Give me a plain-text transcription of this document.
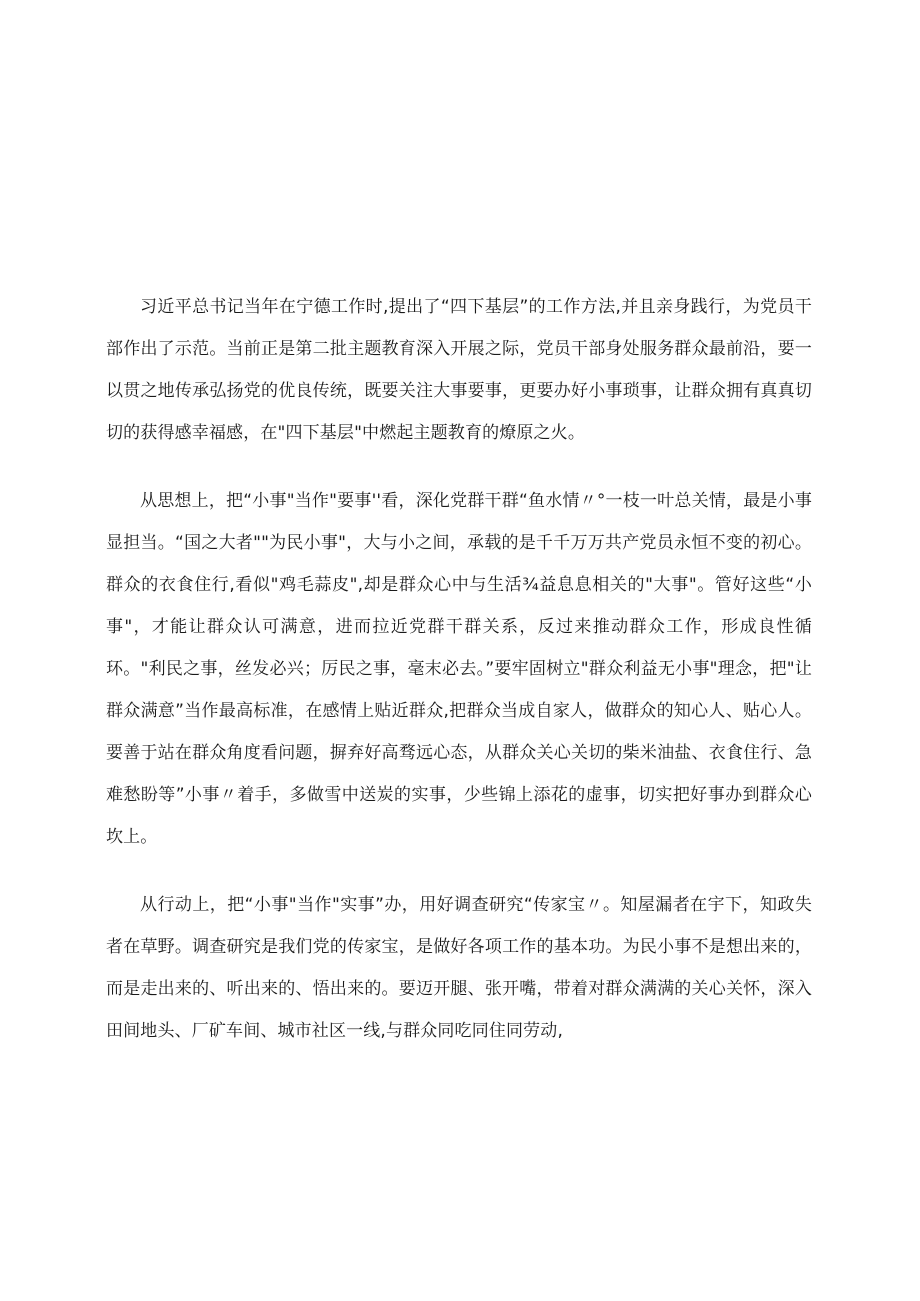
习近平总书记当年在宁德工作时,提出了“四下基层”的工作方法,并且亲身践行，为党员干部作出了示范。当前正是第二批主题教育深入开展之际，党员干部身处服务群众最前沿，要一以贯之地传承弘扬党的优良传统，既要关注大事要事，更要办好小事琐事，让群众拥有真真切切的获得感幸福感，在"四下基层"中燃起主题教育的燎原之火。

从思想上，把“小事"当作"要事''看，深化党群干群“鱼水情〃°一枝一叶总关情，最是小事显担当。“国之大者""为民小事"，大与小之间，承载的是千千万万共产党员永恒不变的初心。群众的衣食住行,看似"鸡毛蒜皮",却是群众心中与生活¾益息息相关的"大事"。管好这些“小事"，才能让群众认可满意，进而拉近党群干群关系，反过来推动群众工作，形成良性循环。"利民之事，丝发必兴；厉民之事，毫末必去。”要牢固树立"群众利益无小事"理念，把"让群众满意”当作最高标准，在感情上贴近群众,把群众当成自家人，做群众的知心人、贴心人。要善于站在群众角度看问题，摒弃好高骛远心态，从群众关心关切的柴米油盐、衣食住行、急难愁盼等”小事〃着手，多做雪中送炭的实事，少些锦上添花的虚事，切实把好事办到群众心坎上。

从行动上，把“小事"当作"实事”办，用好调查研究“传家宝〃。知屋漏者在宇下，知政失者在草野。调查研究是我们党的传家宝，是做好各项工作的基本功。为民小事不是想出来的，而是走出来的、听出来的、悟出来的。要迈开腿、张开嘴，带着对群众满满的关心关怀，深入田间地头、厂矿车间、城市社区一线,与群众同吃同住同劳动,
